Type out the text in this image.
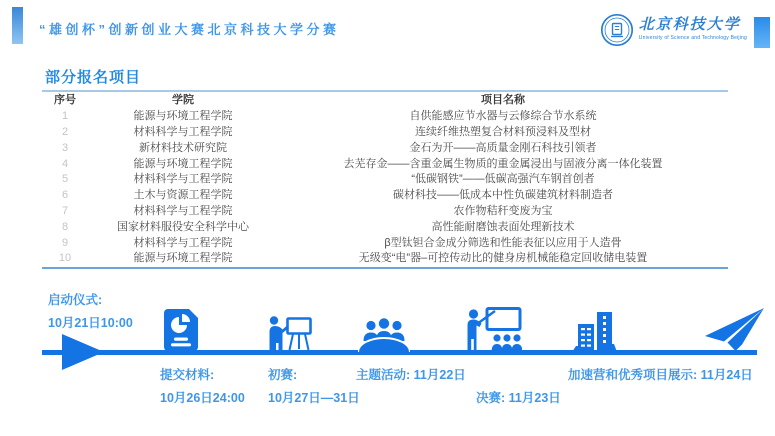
“雄创杯”创新创业大赛北京科技大学分赛	北京科技大学
University of Science and Technology Beijing
部分报名项目
序号	学院	项目名称
1	能源与环境工程学院	自供能感应节水器与云修综合节水系统
2	材料科学与工程学院	连续纤维热塑复合材料预浸料及型材
3	新材料技术研究院	金石为开——高质量金刚石科技引领者
4	能源与环境工程学院	去芜存金——含重金属生物质的重金属浸出与固液分离一体化装置
5	材料科学与工程学院	“低碳钢铁”——低碳高强汽车钢首创者
6	土木与资源工程学院	碳材科技——低成本中性负碳建筑材料制造者
7	材料科学与工程学院	农作物秸秆变废为宝
8	国家材料服役安全科学中心	高性能耐磨蚀表面处理新技术
9	材料科学与工程学院	β型钛钽合金成分筛选和性能表征以应用于人造骨
10	能源与环境工程学院	无级变“电”器–可控传动比的健身房机械能稳定回收储电装置
启动仪式:
10月21日10:00
提交材料:
10月26日24:00
初赛:
10月27日—31日
主题活动: 11月22日
决赛: 11月23日
加速营和优秀项目展示: 11月24日
